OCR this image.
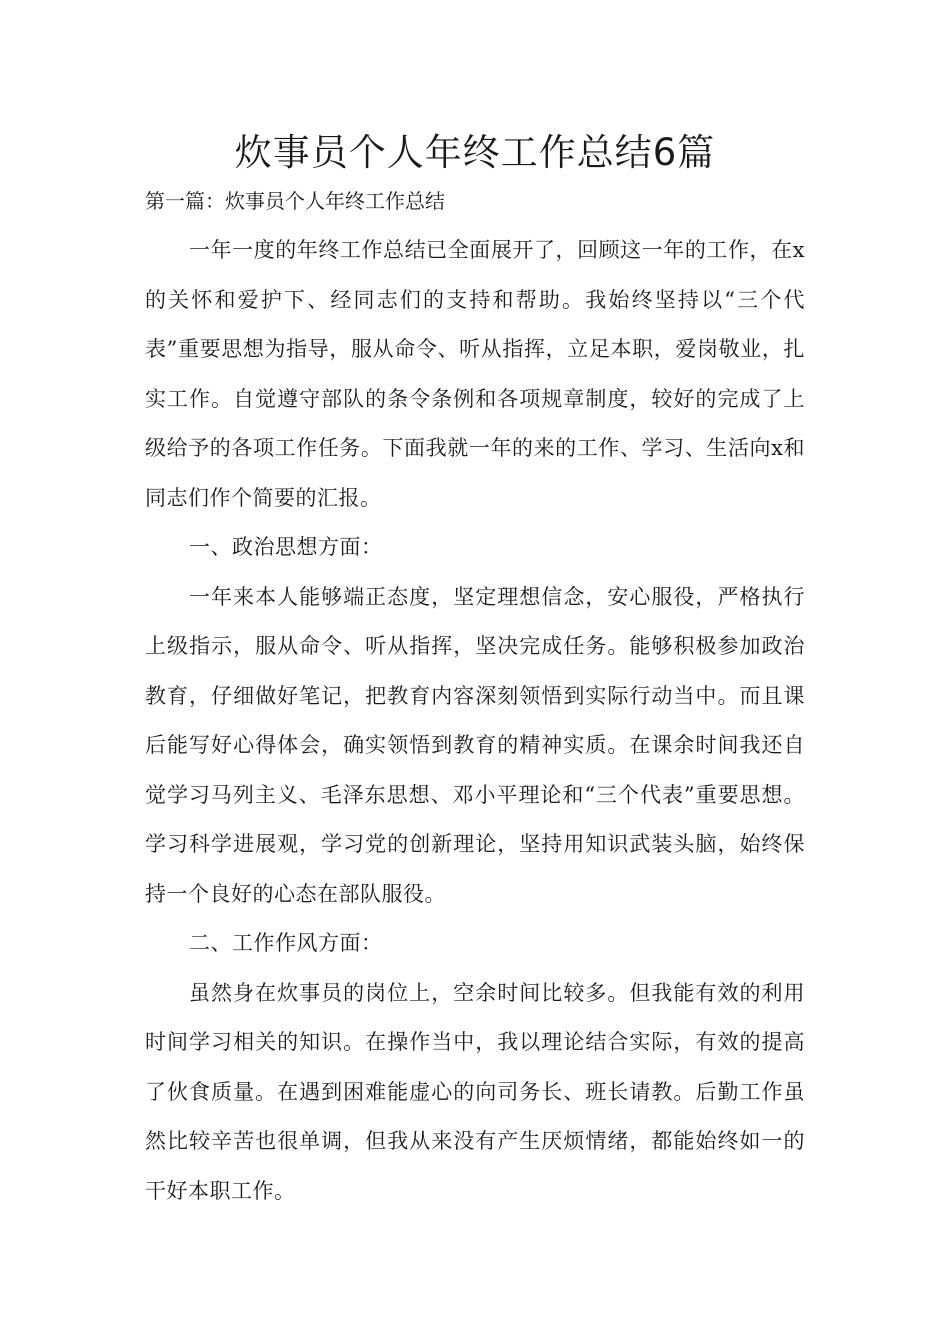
炊事员个人年终工作总结6篇

第一篇：炊事员个人年终工作总结

一年一度的年终工作总结已全面展开了，回顾这一年的工作，在x的关怀和爱护下、经同志们的支持和帮助。我始终坚持以“三个代表”重要思想为指导，服从命令、听从指挥，立足本职，爱岗敬业，扎实工作。自觉遵守部队的条令条例和各项规章制度，较好的完成了上级给予的各项工作任务。下面我就一年的来的工作、学习、生活向x和同志们作个简要的汇报。

一、政治思想方面：

一年来本人能够端正态度，坚定理想信念，安心服役，严格执行上级指示，服从命令、听从指挥，坚决完成任务。能够积极参加政治教育，仔细做好笔记，把教育内容深刻领悟到实际行动当中。而且课后能写好心得体会，确实领悟到教育的精神实质。在课余时间我还自觉学习马列主义、毛泽东思想、邓小平理论和“三个代表”重要思想。学习科学进展观，学习党的创新理论，坚持用知识武装头脑，始终保持一个良好的心态在部队服役。

二、工作作风方面：

虽然身在炊事员的岗位上，空余时间比较多。但我能有效的利用时间学习相关的知识。在操作当中，我以理论结合实际，有效的提高了伙食质量。在遇到困难能虚心的向司务长、班长请教。后勤工作虽然比较辛苦也很单调，但我从来没有产生厌烦情绪，都能始终如一的干好本职工作。
